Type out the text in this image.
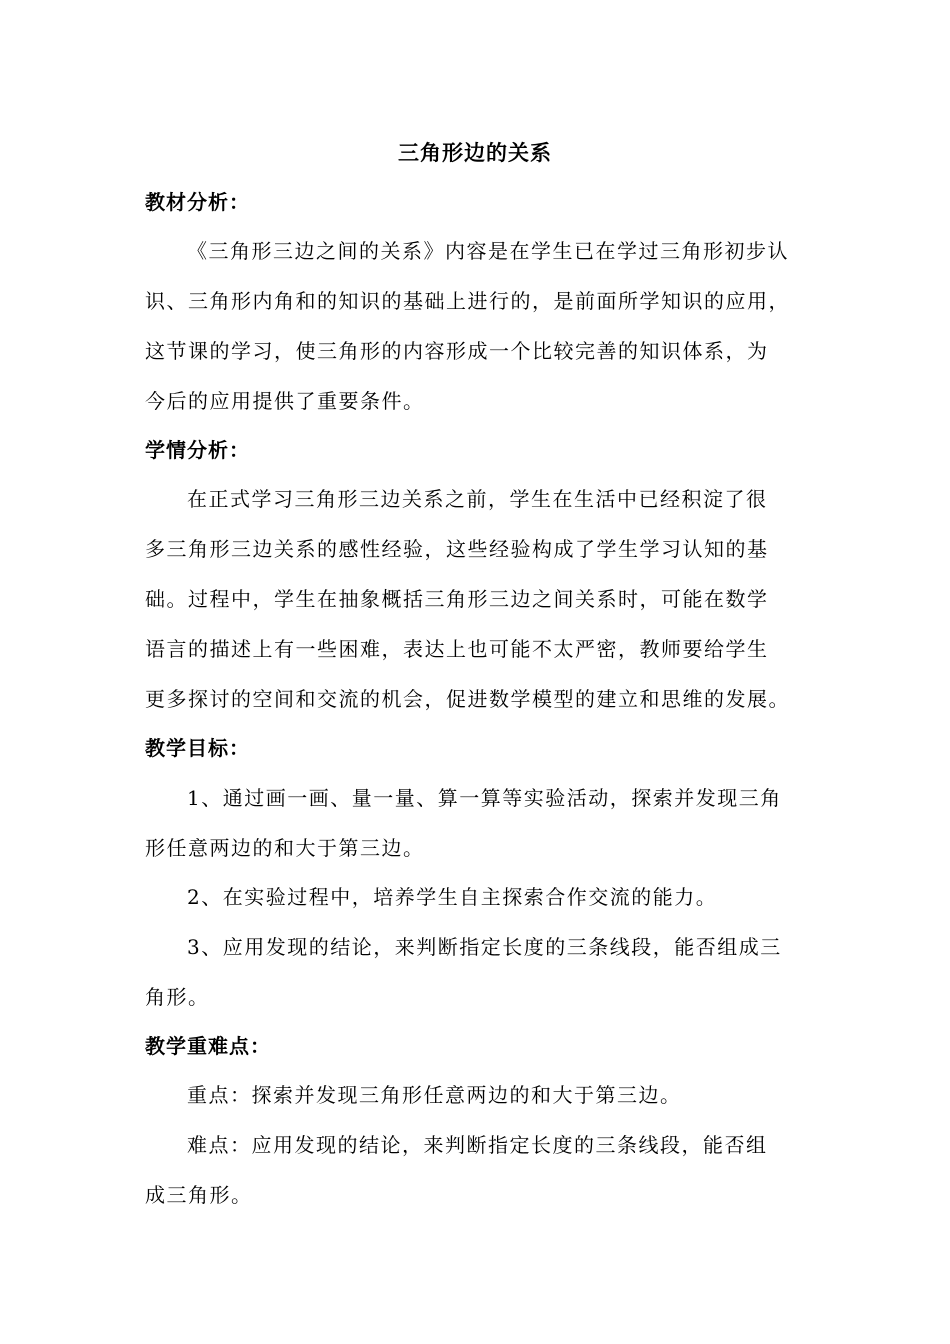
三角形边的关系
教材分析：
《三角形三边之间的关系》内容是在学生已在学过三角形初步认
识、三角形内角和的知识的基础上进行的，是前面所学知识的应用，
这节课的学习，使三角形的内容形成一个比较完善的知识体系，为
今后的应用提供了重要条件。
学情分析：
在正式学习三角形三边关系之前，学生在生活中已经积淀了很
多三角形三边关系的感性经验，这些经验构成了学生学习认知的基
础。过程中，学生在抽象概括三角形三边之间关系时，可能在数学
语言的描述上有一些困难，表达上也可能不太严密，教师要给学生
更多探讨的空间和交流的机会，促进数学模型的建立和思维的发展。
教学目标：
1、通过画一画、量一量、算一算等实验活动，探索并发现三角
形任意两边的和大于第三边。
2、在实验过程中，培养学生自主探索合作交流的能力。
3、应用发现的结论，来判断指定长度的三条线段，能否组成三
角形。
教学重难点：
重点：探索并发现三角形任意两边的和大于第三边。
难点：应用发现的结论，来判断指定长度的三条线段，能否组
成三角形。
